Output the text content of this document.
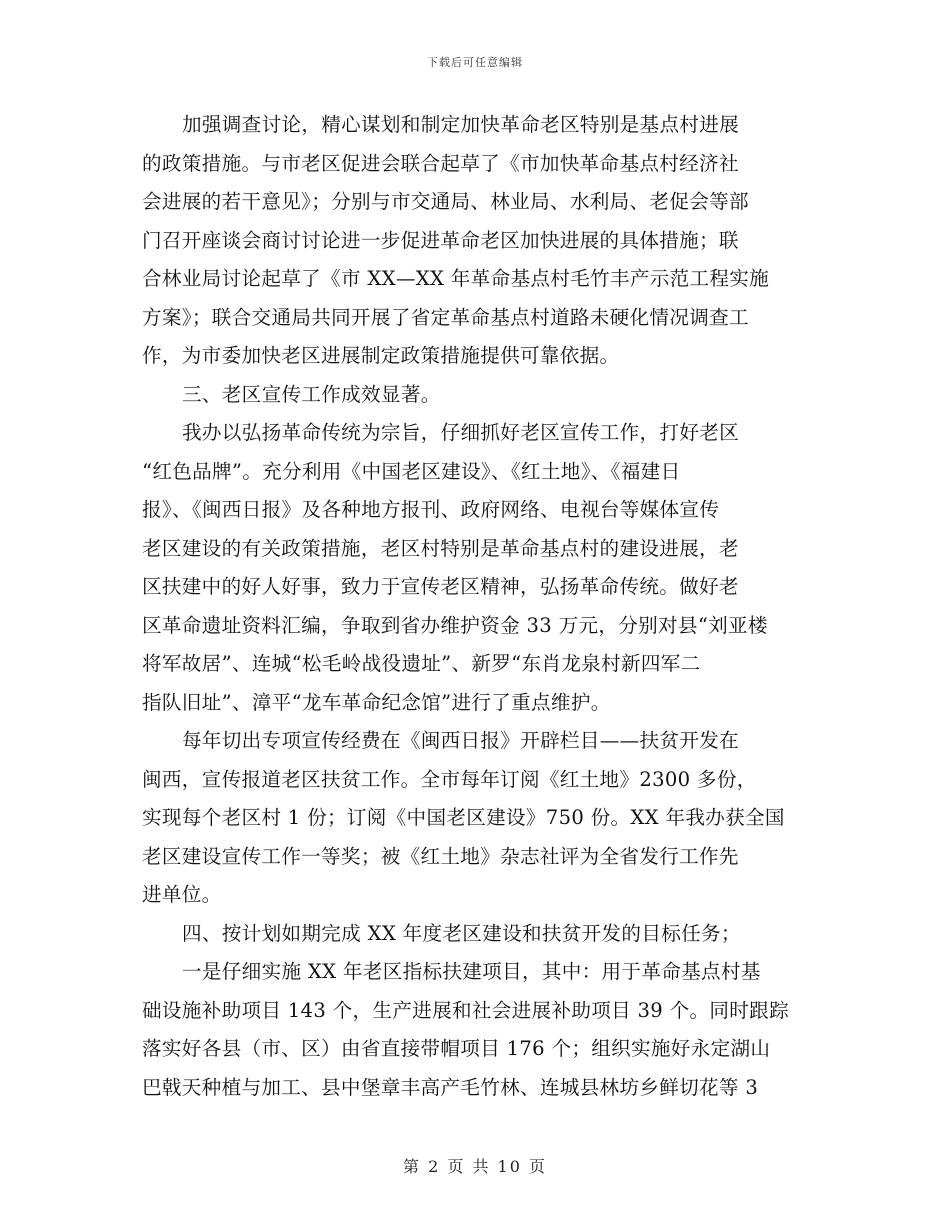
下载后可任意编辑

加强调查讨论，精心谋划和制定加快革命老区特别是基点村进展
的政策措施。与市老区促进会联合起草了《市加快革命基点村经济社
会进展的若干意见》；分别与市交通局、林业局、水利局、老促会等部
门召开座谈会商讨讨论进一步促进革命老区加快进展的具体措施；联
合林业局讨论起草了《市 XX—XX 年革命基点村毛竹丰产示范工程实施
方案》；联合交通局共同开展了省定革命基点村道路未硬化情况调查工
作，为市委加快老区进展制定政策措施提供可靠依据。

三、老区宣传工作成效显著。

我办以弘扬革命传统为宗旨，仔细抓好老区宣传工作，打好老区
“红色品牌”。充分利用《中国老区建设》、《红土地》、《福建日
报》、《闽西日报》及各种地方报刊、政府网络、电视台等媒体宣传
老区建设的有关政策措施，老区村特别是革命基点村的建设进展，老
区扶建中的好人好事，致力于宣传老区精神，弘扬革命传统。做好老
区革命遗址资料汇编，争取到省办维护资金 33 万元，分别对县“刘亚楼
将军故居”、连城“松毛岭战役遗址”、新罗“东肖龙泉村新四军二
指队旧址”、漳平“龙车革命纪念馆”进行了重点维护。

每年切出专项宣传经费在《闽西日报》开辟栏目——扶贫开发在
闽西，宣传报道老区扶贫工作。全市每年订阅《红土地》2300 多份，
实现每个老区村 1 份；订阅《中国老区建设》750 份。XX 年我办获全国
老区建设宣传工作一等奖；被《红土地》杂志社评为全省发行工作先
进单位。

四、按计划如期完成 XX 年度老区建设和扶贫开发的目标任务；

一是仔细实施 XX 年老区指标扶建项目，其中：用于革命基点村基
础设施补助项目 143 个，生产进展和社会进展补助项目 39 个。同时跟踪
落实好各县（市、区）由省直接带帽项目 176 个；组织实施好永定湖山
巴戟天种植与加工、县中堡章丰高产毛竹林、连城县林坊乡鲜切花等 3

第 2 页 共 10 页
